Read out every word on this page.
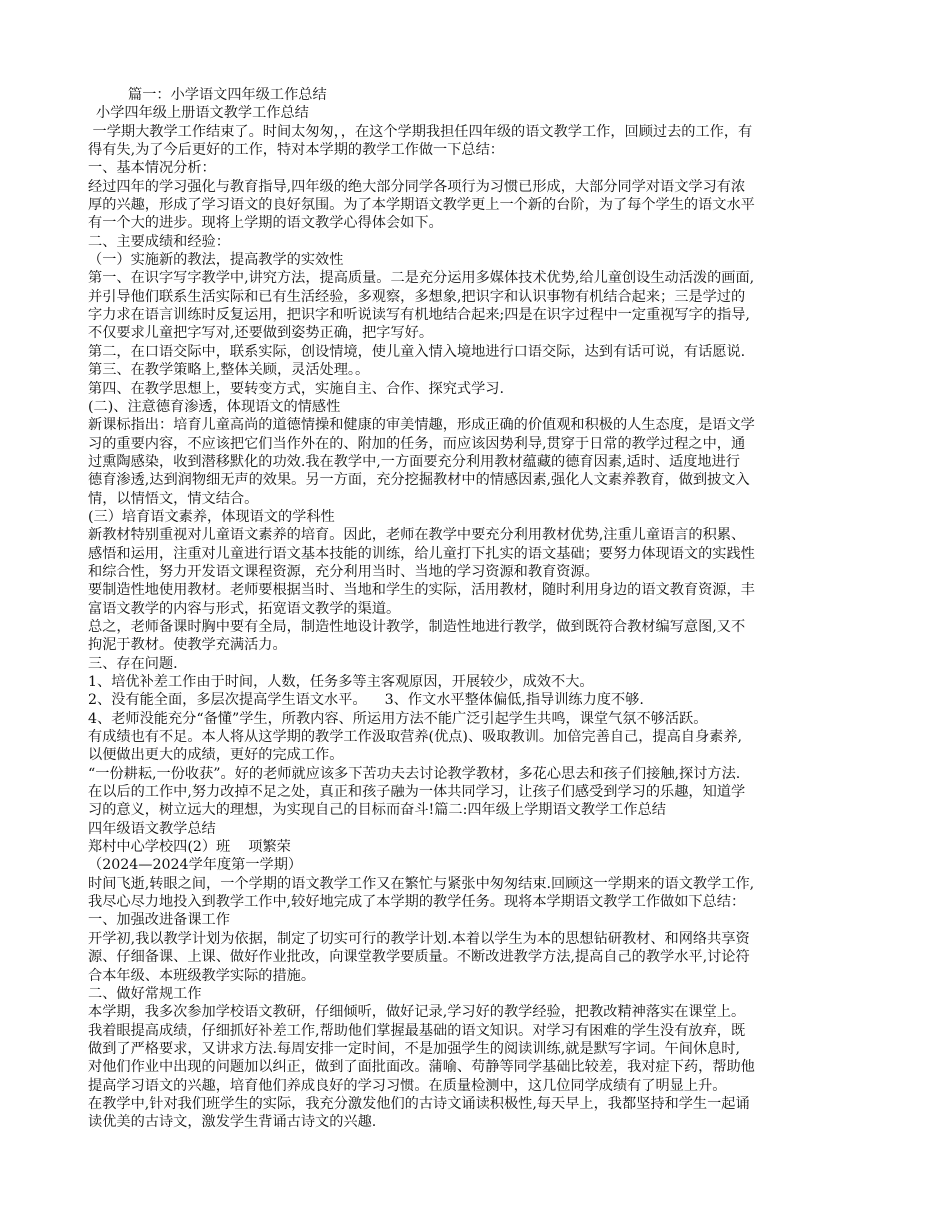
篇一：小学语文四年级工作总结
小学四年级上册语文教学工作总结
一学期大教学工作结束了。时间太匆匆，，在这个学期我担任四年级的语文教学工作，回顾过去的工作，有
得有失,为了今后更好的工作，特对本学期的教学工作做一下总结：
一、基本情况分析：
经过四年的学习强化与教育指导,四年级的绝大部分同学各项行为习惯已形成，大部分同学对语文学习有浓
厚的兴趣，形成了学习语文的良好氛围。为了本学期语文教学更上一个新的台阶，为了每个学生的语文水平
有一个大的进步。现将上学期的语文教学心得体会如下。
二、主要成绩和经验：
（一）实施新的教法，提高教学的实效性
第一、在识字写字教学中,讲究方法，提高质量。二是充分运用多媒体技术优势,给儿童创设生动活泼的画面,
并引导他们联系生活实际和已有生活经验，多观察，多想象,把识字和认识事物有机结合起来；三是学过的
字力求在语言训练时反复运用，把识字和听说读写有机地结合起来;四是在识字过程中一定重视写字的指导,
不仅要求儿童把字写对,还要做到姿势正确，把字写好。
第二，在口语交际中，联系实际，创设情境，使儿童入情入境地进行口语交际，达到有话可说，有话愿说.
第三、在教学策略上,整体关顾，灵活处理。。
第四、在教学思想上，要转变方式，实施自主、合作、探究式学习.
(二)、注意德育渗透，体现语文的情感性
新课标指出：培育儿童高尚的道德情操和健康的审美情趣，形成正确的价值观和积极的人生态度，是语文学
习的重要内容，不应该把它们当作外在的、附加的任务，而应该因势利导,贯穿于日常的教学过程之中，通
过熏陶感染，收到潜移默化的功效.我在教学中,一方面要充分利用教材蕴藏的德育因素,适时、适度地进行
德育渗透,达到润物细无声的效果。另一方面，充分挖掘教材中的情感因素,强化人文素养教育，做到披文入
情，以情悟文，情文结合。
(三）培育语文素养，体现语文的学科性
新教材特别重视对儿童语文素养的培育。因此，老师在教学中要充分利用教材优势,注重儿童语言的积累、
感悟和运用，注重对儿童进行语文基本技能的训练，给儿童打下扎实的语文基础；要努力体现语文的实践性
和综合性，努力开发语文课程资源，充分利用当时、当地的学习资源和教育资源。
要制造性地使用教材。老师要根据当时、当地和学生的实际，活用教材，随时利用身边的语文教育资源，丰
富语文教学的内容与形式，拓宽语文教学的渠道。
总之，老师备课时胸中要有全局，制造性地设计教学，制造性地进行教学，做到既符合教材编写意图,又不
拘泥于教材。使教学充满活力。
三、存在问题.
1、培优补差工作由于时间，人数，任务多等主客观原因，开展较少，成效不大。
2、没有能全面，多层次提高学生语文水平。    3、作文水平整体偏低,指导训练力度不够.
4、老师没能充分“备懂”学生，所教内容、所运用方法不能广泛引起学生共鸣，课堂气氛不够活跃。
有成绩也有不足。本人将从这学期的教学工作汲取营养(优点)、吸取教训。加倍完善自己，提高自身素养,
以便做出更大的成绩，更好的完成工作。
“一份耕耘,一份收获”。好的老师就应该多下苦功夫去讨论教学教材，多花心思去和孩子们接触,探讨方法.
在以后的工作中,努力改掉不足之处，真正和孩子融为一体共同学习，让孩子们感受到学习的乐趣，知道学
习的意义，树立远大的理想，为实现自己的目标而奋斗!篇二:四年级上学期语文教学工作总结
四年级语文教学总结
郑村中心学校四(2）班    项繁荣
（2024—2024学年度第一学期）
时间飞逝,转眼之间，一个学期的语文教学工作又在繁忙与紧张中匆匆结束.回顾这一学期来的语文教学工作,
我尽心尽力地投入到教学工作中,较好地完成了本学期的教学任务。现将本学期语文教学工作做如下总结：
一、加强改进备课工作
开学初,我以教学计划为依据，制定了切实可行的教学计划.本着以学生为本的思想钻研教材、和网络共享资
源、仔细备课、上课、做好作业批改，向课堂教学要质量。不断改进教学方法,提高自己的教学水平,讨论符
合本年级、本班级教学实际的措施。
二、做好常规工作
本学期，我多次参加学校语文教研，仔细倾听，做好记录,学习好的教学经验，把教改精神落实在课堂上。
我着眼提高成绩，仔细抓好补差工作,帮助他们掌握最基础的语文知识。对学习有困难的学生没有放弃，既
做到了严格要求，又讲求方法.每周安排一定时间，不是加强学生的阅读训练,就是默写字词。午间休息时,
对他们作业中出现的问题加以纠正，做到了面批面改。蒲喻、苟静等同学基础比较差，我对症下药，帮助他
提高学习语文的兴趣，培育他们养成良好的学习习惯。在质量检测中，这几位同学成绩有了明显上升。
在教学中,针对我们班学生的实际，我充分激发他们的古诗文诵读积极性,每天早上，我都坚持和学生一起诵
读优美的古诗文，激发学生背诵古诗文的兴趣.
